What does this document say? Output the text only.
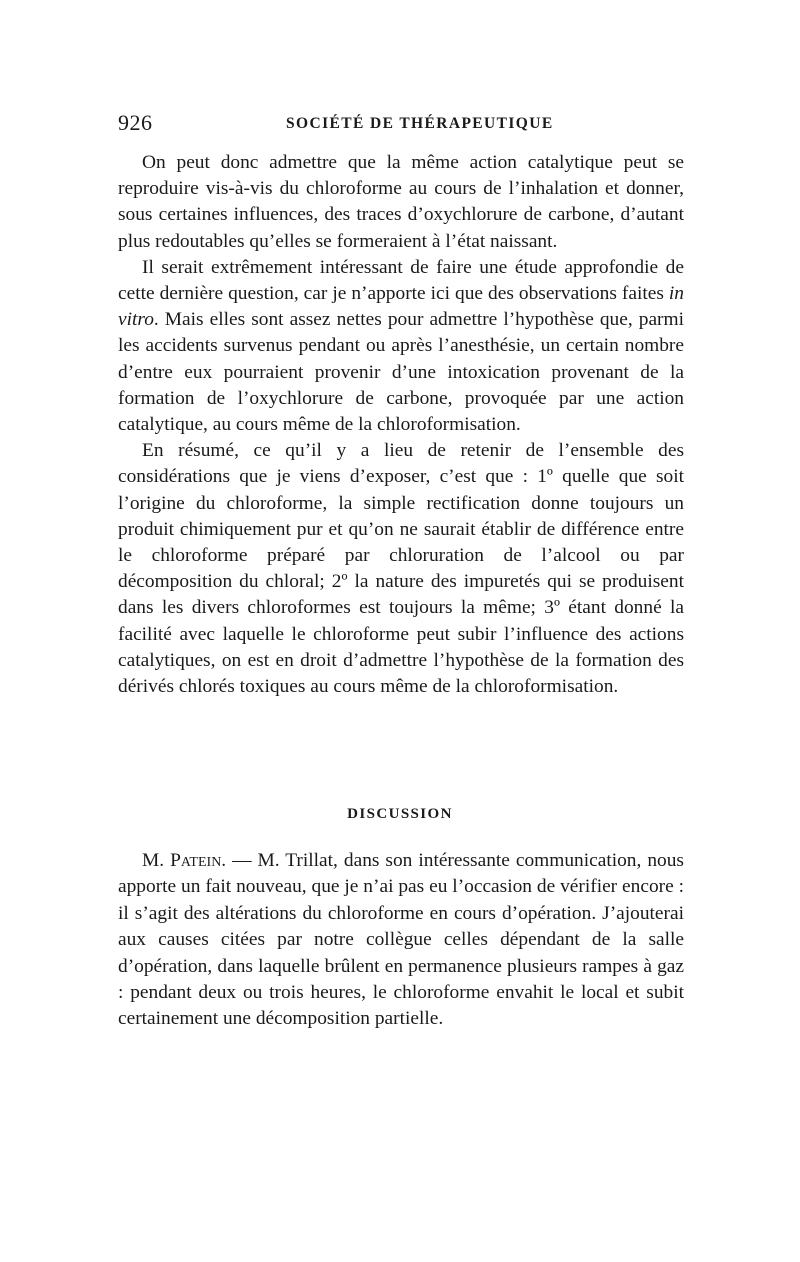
926	SOCIÉTÉ DE THÉRAPEUTIQUE

On peut donc admettre que la même action catalytique peut se reproduire vis-à-vis du chloroforme au cours de l’inhalation et donner, sous certaines influences, des traces d’oxychlorure de carbone, d’autant plus redoutables qu’elles se formeraient à l’état naissant.

Il serait extrêmement intéressant de faire une étude approfondie de cette dernière question, car je n’apporte ici que des observations faites in vitro. Mais elles sont assez nettes pour admettre l’hypothèse que, parmi les accidents survenus pendant ou après l’anesthésie, un certain nombre d’entre eux pourraient provenir d’une intoxication provenant de la formation de l’oxychlorure de carbone, provoquée par une action catalytique, au cours même de la chloroformisation.

En résumé, ce qu’il y a lieu de retenir de l’ensemble des considérations que je viens d’exposer, c’est que : 1º quelle que soit l’origine du chloroforme, la simple rectification donne toujours un produit chimiquement pur et qu’on ne saurait établir de différence entre le chloroforme préparé par chloruration de l’alcool ou par décomposition du chloral; 2º la nature des impuretés qui se produisent dans les divers chloroformes est toujours la même; 3º étant donné la facilité avec laquelle le chloroforme peut subir l’influence des actions catalytiques, on est en droit d’admettre l’hypothèse de la formation des dérivés chlorés toxiques au cours même de la chloroformisation.

DISCUSSION

M. Patein. — M. Trillat, dans son intéressante communication, nous apporte un fait nouveau, que je n’ai pas eu l’occasion de vérifier encore : il s’agit des altérations du chloroforme en cours d’opération. J’ajouterai aux causes citées par notre collègue celles dépendant de la salle d’opération, dans laquelle brûlent en permanence plusieurs rampes à gaz : pendant deux ou trois heures, le chloroforme envahit le local et subit certainement une décomposition partielle.
